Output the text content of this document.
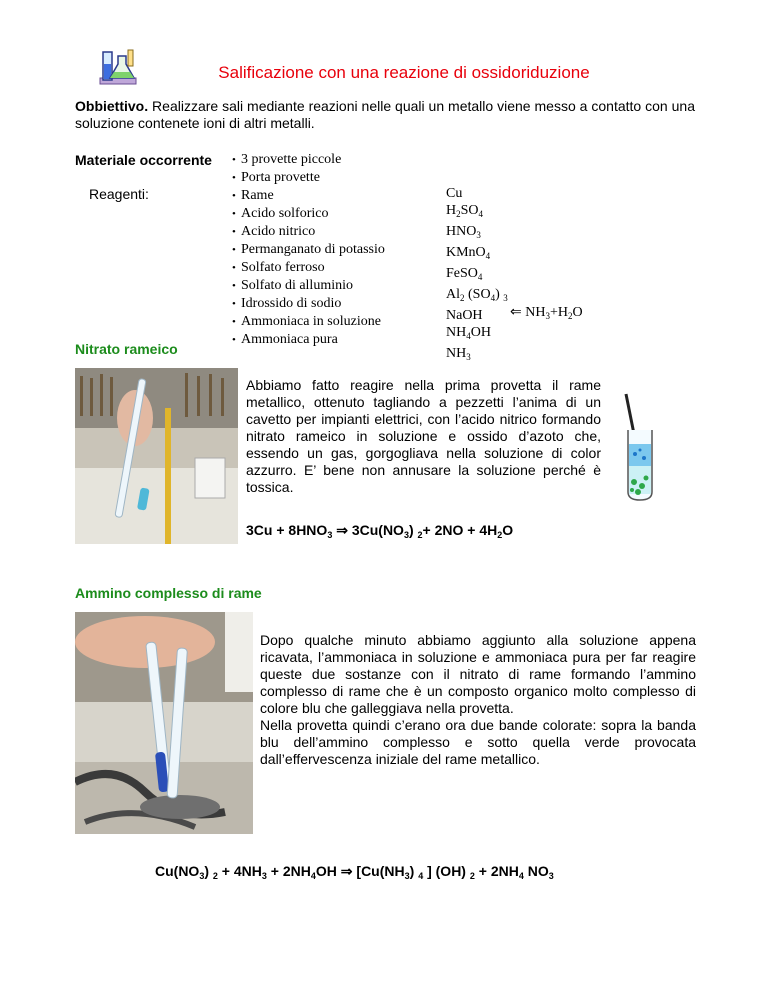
Salificazione con una reazione di ossidoriduzione
Obbiettivo. Realizzare sali mediante reazioni nelle quali un metallo viene messo a contatto con una soluzione contenete ioni di altri metalli.
Materiale occorrente
Reagenti:
• 3 provette piccole
• Porta provette
• Rame
• Acido solforico
• Acido nitrico
• Permanganato di potassio
• Solfato ferroso
• Solfato di alluminio
• Idrossido di sodio
• Ammoniaca in soluzione
• Ammoniaca pura
Cu
$H_2SO_4$
$HNO_3$
KMnO$_4$
FeSO$_4$
$Al_2$ $(SO_4)$ $_3$
NaOH
$NH_4OH$
$NH_3$
⇐ $NH_3+H_2O$
Nitrato rameico
Abbiamo fatto reagire nella prima provetta il rame metallico, ottenuto tagliando a pezzetti l’anima di un cavetto per impianti elettrici, con l’acido nitrico formando nitrato rameico in soluzione e ossido d’azoto che, essendo un gas, gorgogliava nella soluzione di color azzurro. E’ bene non annusare la soluzione perché è tossica.
$3Cu + 8HNO_3$ ⇒ $3Cu(NO_3)$ $_2+ 2NO + 4H_2O$
Ammino complesso di rame
Dopo qualche minuto abbiamo aggiunto alla soluzione appena ricavata, l’ammoniaca in soluzione e ammoniaca pura per far reagire queste due sostanze con il nitrato di rame formando l’ammino complesso di rame che è un composto organico molto complesso di colore blu che galleggiava nella provetta.
Nella provetta quindi c’erano ora due bande colorate: sopra la banda blu dell’ammino complesso e sotto quella verde provocata dall’effervescenza iniziale del rame metallico.
$Cu(NO_3) _2 + 4NH_3 + 2NH_4OH$ ⇒ [$Cu(NH_3)$ $_4$ ] (OH) $_2 + 2NH_4$ $NO_3$
